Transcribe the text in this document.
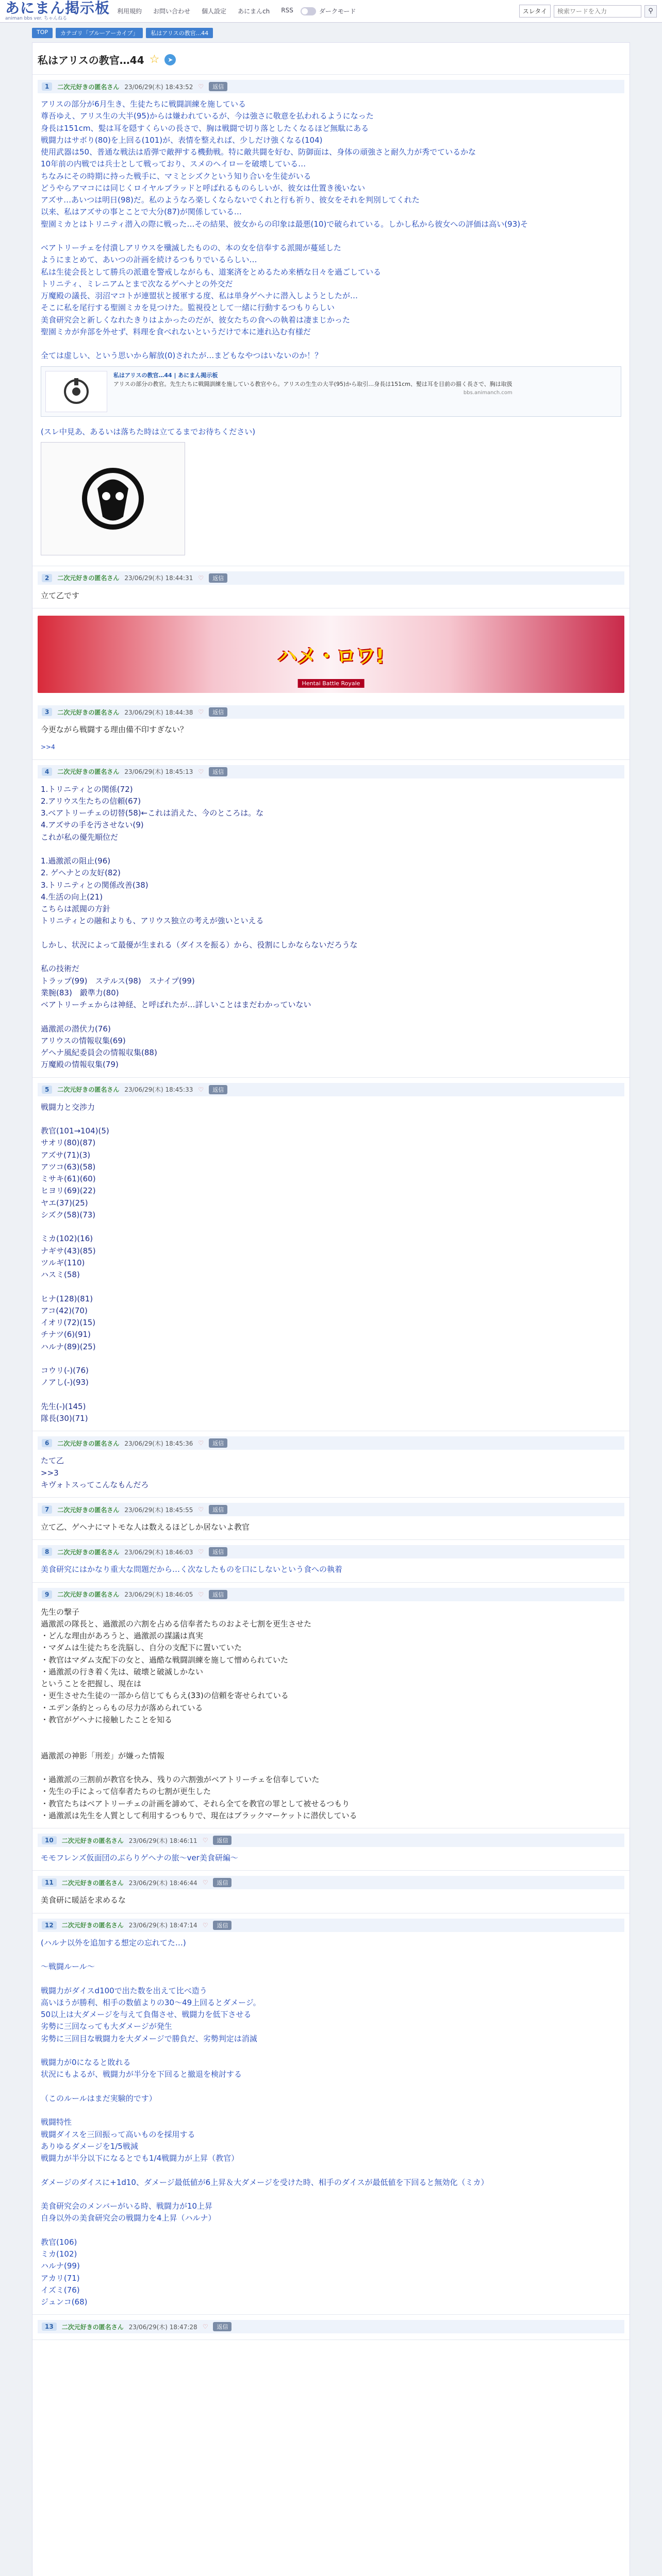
あにまん掲示板
animan bbs ver. ちゃんねる
利用規約 お問い合わせ 個人設定 あにまんch RSS	ダークモード	スレタイ
検索ワードを入力	⚲
TOP	カテゴリ「ブルーアーカイブ」	私はアリスの教官...44
私はアリスの教官…44 ☆	➤
1	二次元好きの匿名さん 23/06/29(木) 18:43:52 ♡	返信
アリスの部分が6月生き、生徒たちに戦闘訓練を施している
尊吾ゆえ、アリス生の大半(95)からは嫌われているが、今は強さに敬意を払われるようになった
身長は151cm、髪は耳を隠すくらいの長さで、胸は戦闘で切り落としたくなるほど無駄にある
戦闘力はサボり(80)を上回る(101)が、表情を整えれば、少しだけ強くなる(104)
使用武器は50、普通な戦法は盾弾で敵押する機動戦。特に敵共闘を好む、防御面は、身体の頑強さと耐久力が秀でているかな
10年前の内戦では兵士として戦っており、スメのヘイローを破壊している…
ちなみにその時期に持った戦手に、マミとシズクという知り合いを生徒がいる
どうやらアマコには同じくロイヤルブラッドと呼ばれるものらしいが、彼女は仕置き後いない
アズサ…あいつは明日(98)だ。私のようなろ楽しくならないでくれと行も祈り、彼女をそれを判別してくれた
以来、私はアズサの事とことで大分(87)が関係している…
聖園ミカとはトリニティ潜入の際に戦った…その結果、彼女からの印象は最悪(10)で破られている。しかし私から彼女への評価は高い(93)そ

ベアトリーチェを付潰しアリウスを殲滅したものの、本の女を信奉する派閥が蔓延した
ようにまとめて、あいつの計画を続けるつもりでいるらしい…
私は生徒会長として勝兵の派遣を警戒しながらも、道案済をとめるため来栖な日々を過ごしている
トリニティ、ミレニアムとまで次なるゲヘナとの外交だ
万魔殿の議長、羽沼マコトが連盟状と援軍する度、私は単身ゲヘナに潜入しようとしたが…
そこに私を尾行する聖園ミカを見つけた。監視役として一緒に行動するつもりらしい
美食研究会と新しくなれたきりはよかったのだが、彼女たちの食への執着は凄まじかった
聖園ミカが弁部を外せず、料理を食べれないというだけで本に連れ込む有様だ

全ては虚しい、という思いから解放(0)されたが…まどもなやつはいないのか！？
私はアリスの教官…44 | あにまん掲示板
アリスの部分の教官。先生たちに戦闘訓練を施している教官やら。アリスの生生の大半(95)から取引…身長は151cm、髪は耳を目前の描く長さで、胸は取扱
bbs.animanch.com
(スレ中見あ、あるいは落ちた時は立てるまでお待ちください)
2	二次元好きの匿名さん 23/06/29(木) 18:44:31 ♡	返信
立て乙です
ハメ・ロワ!
Hentai Battle Royale
3	二次元好きの匿名さん 23/06/29(木) 18:44:38 ♡	返信
今更ながら戦闘する理由備不印すぎない？
>>4
4	二次元好きの匿名さん 23/06/29(木) 18:45:13 ♡	返信
1.トリニティとの関係(72)
2.アリウス生たちの信頼(67)
3.ベアトリーチェの切替(58)←これは消えた、今のところは。な
4.アズサの手を汚させない(9)
これが私の優先順位だ

1.過激派の阻止(96)
2. ゲヘナとの友好(82)
3.トリニティとの関係改善(38)
4.生活の向上(21)
こちらは派閥の方針
トリニティとの融和よりも、アリウス独立の考えが強いといえる

しかし、状況によって最優が生まれる（ダイスを振る）から、役割にしかならないだろうな

私の技術だ
トラップ(99)　ステルス(98)　スナイプ(99)
業腕(83)　鍛準力(80)
ベアトリーチェからは神経、と呼ばれたが…詳しいことはまだわかっていない

過激派の潜伏力(76)
アリウスの情報収集(69)
ゲヘナ風紀委員会の情報収集(88)
万魔殿の情報収集(79)
5	二次元好きの匿名さん 23/06/29(木) 18:45:33 ♡	返信
戦闘力と交渉力

教官(101→104)(5)
サオリ(80)(87)
アズサ(71)(3)
アツコ(63)(58)
ミサキ(61)(60)
ヒヨリ(69)(22)
ヤエ(37)(25)
シズク(58)(73)

ミカ(102)(16)
ナギサ(43)(85)
ツルギ(110)
ハスミ(58)

ヒナ(128)(81)
アコ(42)(70)
イオリ(72)(15)
チナツ(6)(91)
ハルナ(89)(25)

コウリ(-)(76)
ノアし(-)(93)

先生(-)(145)
隊長(30)(71)
6	二次元好きの匿名さん 23/06/29(木) 18:45:36 ♡	返信
たて乙
>>3
キヴォトスってこんなもんだろ
7	二次元好きの匿名さん 23/06/29(木) 18:45:55 ♡	返信
立て乙、ゲヘナにマトモな人は数えるほどしか居ないよ教官
8	二次元好きの匿名さん 23/06/29(木) 18:46:03 ♡	返信
美食研究にはかなり重大な問題だから…く次なしたものを口にしないという食への執着
9	二次元好きの匿名さん 23/06/29(木) 18:46:05 ♡	返信
先生の撃子
過激派の隊長と、過激派の六割を占める信奉者たちのおよそ七割を更生させた
・どんな理由があろうと、過激派の謀議は真実
・マダムは生徒たちを洗脳し、自分の支配下に置いていた
・教官はマダム支配下の女と、過酷な戦闘訓練を施して憎められていた
・過激派の行き着く先は、破壊と破滅しかない
ということを把握し、現在は
・更生させた生徒の一部から信じてもらえ(33)の信頼を寄せられている
・エデン条約とっらもの尽力が落められている
・教官がゲヘナに接触したことを知る

過激派の神影「刑差」が嫌った情報

・過激派の三割前が教官を快み、残りの六割強がベアトリーチェを信奉していた
・先生の手によって信奉者たちの七割が更生した
・教官たちはベアトリーチェの計画を諦めて、それら全てを教官の罪として被せるつもり
・過激派は先生を人質として利用するつもりで、現在はブラックマーケットに潜伏している
10	二次元好きの匿名さん 23/06/29(木) 18:46:11 ♡	返信
モモフレンズ仮面団のぶらりゲヘナの旅〜ver美食研編〜
11	二次元好きの匿名さん 23/06/29(木) 18:46:44 ♡	返信
美食研に暖話を求めるな
12	二次元好きの匿名さん 23/06/29(木) 18:47:14 ♡	返信
(ハルナ以外を追加する想定の忘れてた…)

〜戦闘ルール〜

戦闘力がダイスd100で出た数を出えて比べ造う
高いほうが勝利、相手の数値よりの30〜49上回るとダメージ。
50以上は大ダメージを与えて負傷させ、戦闘力を低下させる
劣勢に三回なっても大ダメージが発生
劣勢に三回目な戦闘力を大ダメージで勝負だ、劣勢判定は消滅

戦闘力が0になると敗れる
状況にもよるが、戦闘力が半分を下回ると撤退を検討する

（このルールはまだ実験的です）

戦闘特性
戦闘ダイスを三回振って高いものを採用する
ありゆるダメージを1/5戦減
戦闘力が半分以下になるとでも1/4戦闘力が上昇（教官）

ダメージのダイスに+1d10、ダメージ最低値が6上昇＆大ダメージを受けた時、相手のダイスが最低値を下回ると無効化（ミカ）

美食研究会のメンバーがいる時、戦闘力が10上昇
自身以外の美食研究会の戦闘力を4上昇（ハルナ）

教官(106)
ミカ(102)
ハルナ(99)
アカリ(71)
イズミ(76)
ジュンコ(68)
13	二次元好きの匿名さん 23/06/29(木) 18:47:28 ♡	返信
